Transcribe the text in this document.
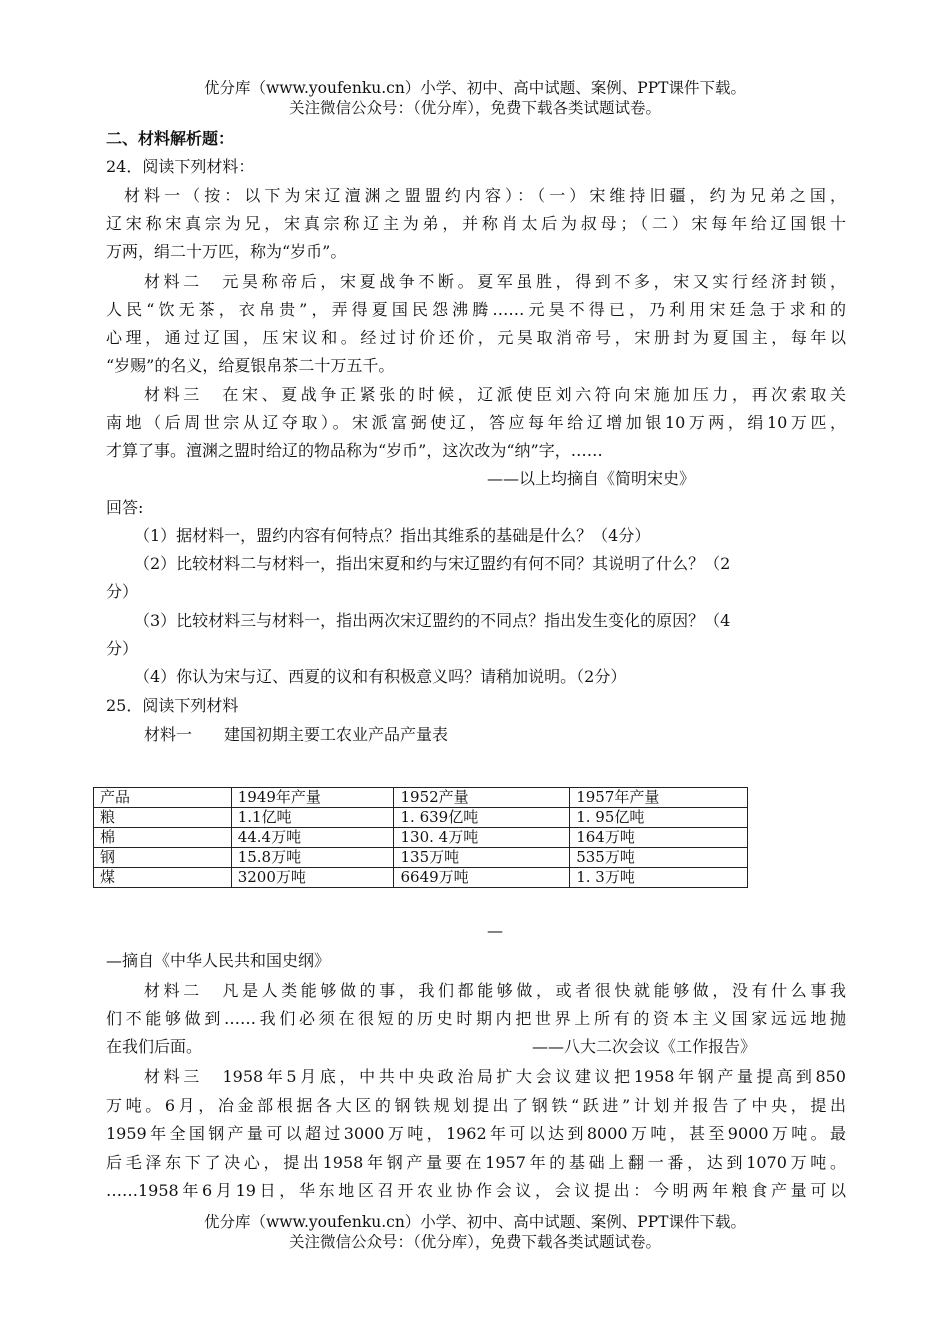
优分库（www.youfenku.cn）小学、初中、高中试题、案例、PPT课件下载。
关注微信公众号：（优分库），免费下载各类试题试卷。
二、材料解析题：
24．阅读下列材料：
材料一（按：以下为宋辽澶渊之盟盟约内容）：（一）宋维持旧疆，约为兄弟之国，
辽宋称宋真宗为兄，宋真宗称辽主为弟，并称肖太后为叔母；（二）宋每年给辽国银十
万两，绢二十万匹，称为“岁币”。
材料二　元昊称帝后，宋夏战争不断。夏军虽胜，得到不多，宋又实行经济封锁，
人民“饮无茶，衣帛贵”，弄得夏国民怨沸腾……元昊不得已，乃利用宋廷急于求和的
心理，通过辽国，压宋议和。经过讨价还价，元昊取消帝号，宋册封为夏国主，每年以
“岁赐”的名义，给夏银帛茶二十万五千。
材料三　在宋、夏战争正紧张的时候，辽派使臣刘六符向宋施加压力，再次索取关
南地（后周世宗从辽夺取）。宋派富弼使辽，答应每年给辽增加银10万两，绢10万匹，
才算了事。澶渊之盟时给辽的物品称为“岁币”，这次改为“纳”字，……
——以上均摘自《简明宋史》
回答:
（1）据材料一，盟约内容有何特点？指出其维系的基础是什么？（4分）
（2）比较材料二与材料一，指出宋夏和约与宋辽盟约有何不同？其说明了什么？（2
分）
（3）比较材料三与材料一，指出两次宋辽盟约的不同点？指出发生变化的原因？（4
分）
（4）你认为宋与辽、西夏的议和有积极意义吗？请稍加说明。（2分）
25．阅读下列材料
材料一　　建国初期主要工农业产品产量表
产品	1949年产量	1952产量	1957年产量
粮	1.1亿吨	1. 639亿吨	1. 95亿吨
棉	44.4万吨	130. 4万吨	164万吨
钢	15.8万吨	135万吨	535万吨
煤	3200万吨	6649万吨	1. 3万吨
—
—摘自《中华人民共和国史纲》
材料二　凡是人类能够做的事，我们都能够做，或者很快就能够做，没有什么事我
们不能够做到……我们必须在很短的历史时期内把世界上所有的资本主义国家远远地抛
在我们后面。	——八大二次会议《工作报告》
材料三　1958年5月底，中共中央政治局扩大会议建议把1958年钢产量提高到850
万吨。6月，冶金部根据各大区的钢铁规划提出了钢铁“跃进”计划并报告了中央，提出
1959年全国钢产量可以超过3000万吨，1962年可以达到8000万吨，甚至9000万吨。最
后毛泽东下了决心，提出1958年钢产量要在1957年的基础上翻一番，达到1070万吨。
……1958年6月19日，华东地区召开农业协作会议，会议提出：今明两年粮食产量可以
优分库（www.youfenku.cn）小学、初中、高中试题、案例、PPT课件下载。
关注微信公众号：（优分库），免费下载各类试题试卷。
